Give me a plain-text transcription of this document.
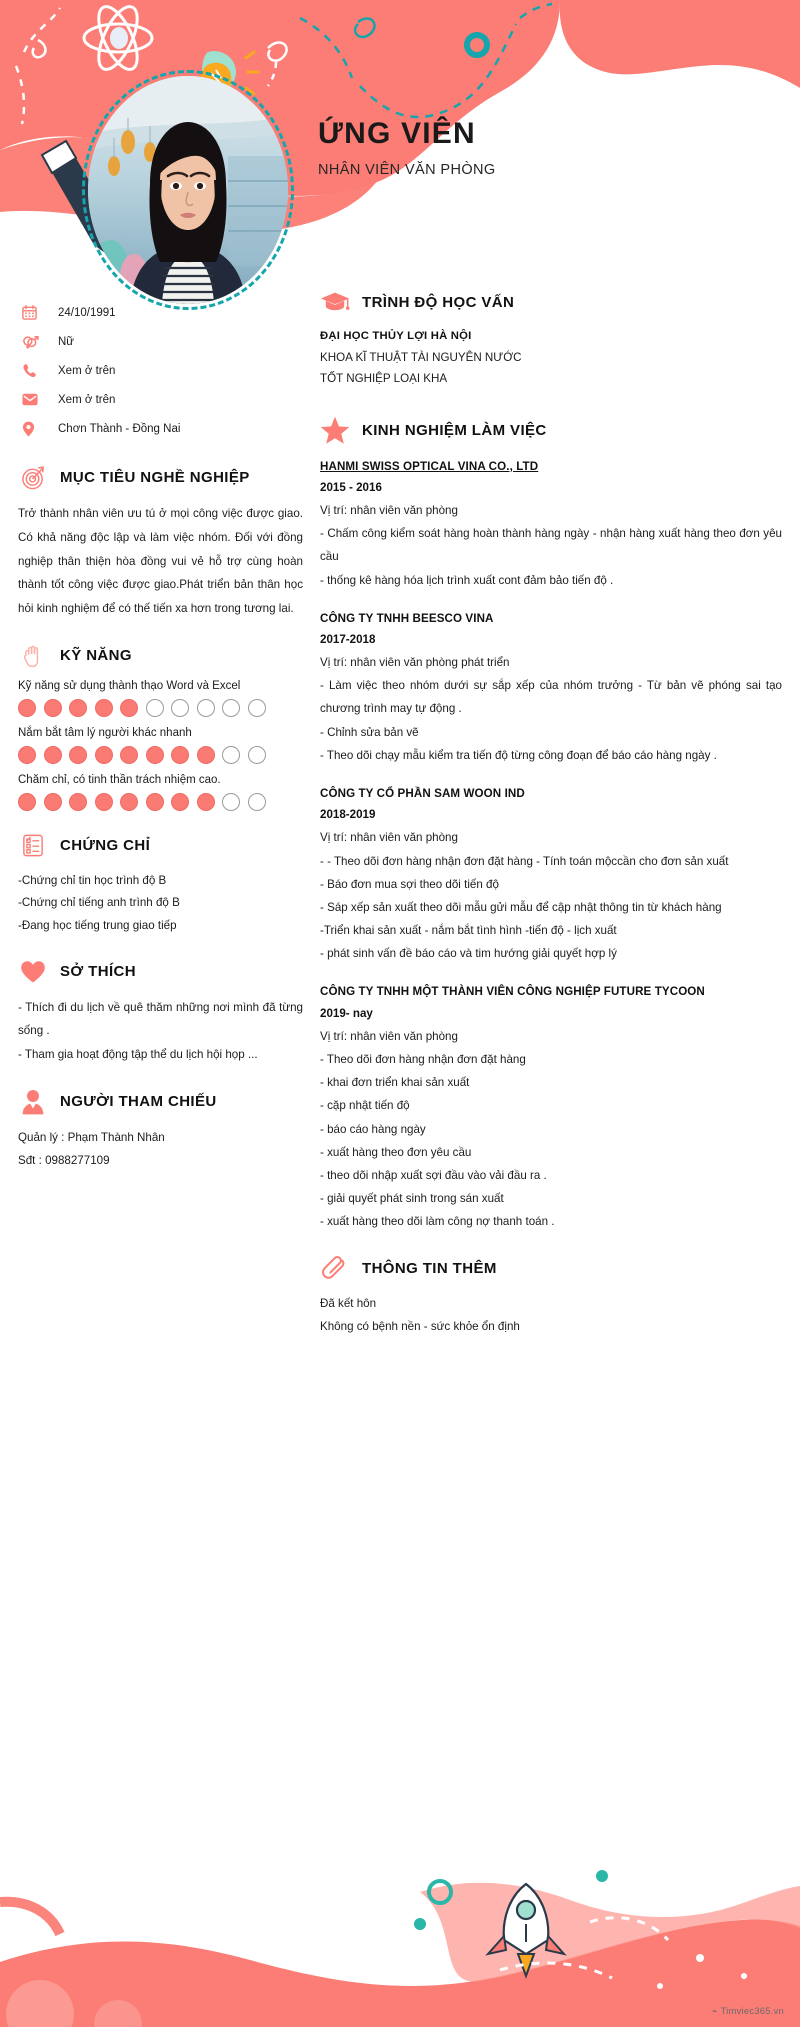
ỨNG VIÊN
NHÂN VIÊN VĂN PHÒNG
24/10/1991
Nữ
Xem ở trên
Xem ở trên
Chơn Thành - Đồng Nai
MỤC TIÊU NGHỀ NGHIỆP
Trở thành nhân viên ưu tú ở mọi công việc được giao. Có khả năng độc lập và làm việc nhóm. Đối với đồng nghiệp thân thiện hòa đồng vui vẻ hỗ trợ cùng hoàn thành tốt công việc được giao.Phát triển bản thân học hỏi kinh nghiệm để có thế tiến xa hơn trong tương lai.
KỸ NĂNG
Kỹ năng sử dụng thành thạo Word và Excel
Nắm bắt tâm lý người khác nhanh
Chăm chỉ, có tinh thần trách nhiệm cao.
CHỨNG CHỈ
-Chứng chỉ tin học trình độ B
-Chứng chỉ tiếng anh trình độ B
-Đang học tiếng trung giao tiếp
SỞ THÍCH
- Thích đi du lịch về quê thăm những nơi mình đã từng sống .
- Tham gia hoạt động tập thể du lịch hội họp ...
NGƯỜI THAM CHIẾU
Quản lý : Phạm Thành Nhân
Sđt : 0988277109
TRÌNH ĐỘ HỌC VẤN
ĐẠI HỌC THỦY LỢI HÀ NỘI
KHOA KĨ THUẬT TÀI NGUYÊN NƯỚC
TỐT NGHIỆP LOẠI KHA
KINH NGHIỆM LÀM VIỆC
HANMI SWISS OPTICAL VINA CO., LTD
2015 - 2016
Vị trí: nhân viên văn phòng
- Chấm công kiểm soát hàng hoàn thành hàng ngày - nhận hàng xuất hàng theo đơn yêu cầu
- thống kê hàng hóa lịch trình xuất cont đảm bảo tiến độ .
CÔNG TY TNHH BEESCO VINA
2017-2018
Vị trí: nhân viên văn phòng phát triển
- Làm việc theo nhóm dưới sự sắp xếp của nhóm trưởng - Từ bản vẽ phóng sai tạo chương trình may tự động .
- Chỉnh sửa bản vẽ
- Theo dõi chạy mẫu kiểm tra tiến độ từng công đoạn để báo cáo hàng ngày .
CÔNG TY CỔ PHẦN SAM WOON IND
2018-2019
Vị trí: nhân viên văn phòng
- - Theo dõi đơn hàng nhận đơn đặt hàng - Tính toán mộccần cho đơn sản xuất
- Báo đơn mua sợi theo dõi tiến độ
- Sáp xếp sản xuất theo dõi mẫu gửi mẫu để cập nhật thông tin từ khách hàng
-Triển khai sản xuất - nắm bắt tình hình -tiến độ - lịch xuất
- phát sinh vấn đề báo cáo và tim hướng giải quyết hợp lý
CÔNG TY TNHH MỘT THÀNH VIÊN CÔNG NGHIỆP FUTURE TYCOON
2019- nay
Vị trí: nhân viên văn phòng
- Theo dõi đơn hàng nhận đơn đặt hàng
- khai đơn triển khai sản xuất
- cặp nhật tiến độ
- báo cáo hàng ngày
- xuất hàng theo đơn yêu cầu
- theo dõi nhập xuất sợi đầu vào vải đầu ra .
- giải quyết phát sinh trong sán xuất
- xuất hàng theo dõi làm công nợ thanh toán .
THÔNG TIN THÊM
Đã kết hôn
Không có bệnh nền - sức khỏe ổn định
⌁ Timviec365.vn
